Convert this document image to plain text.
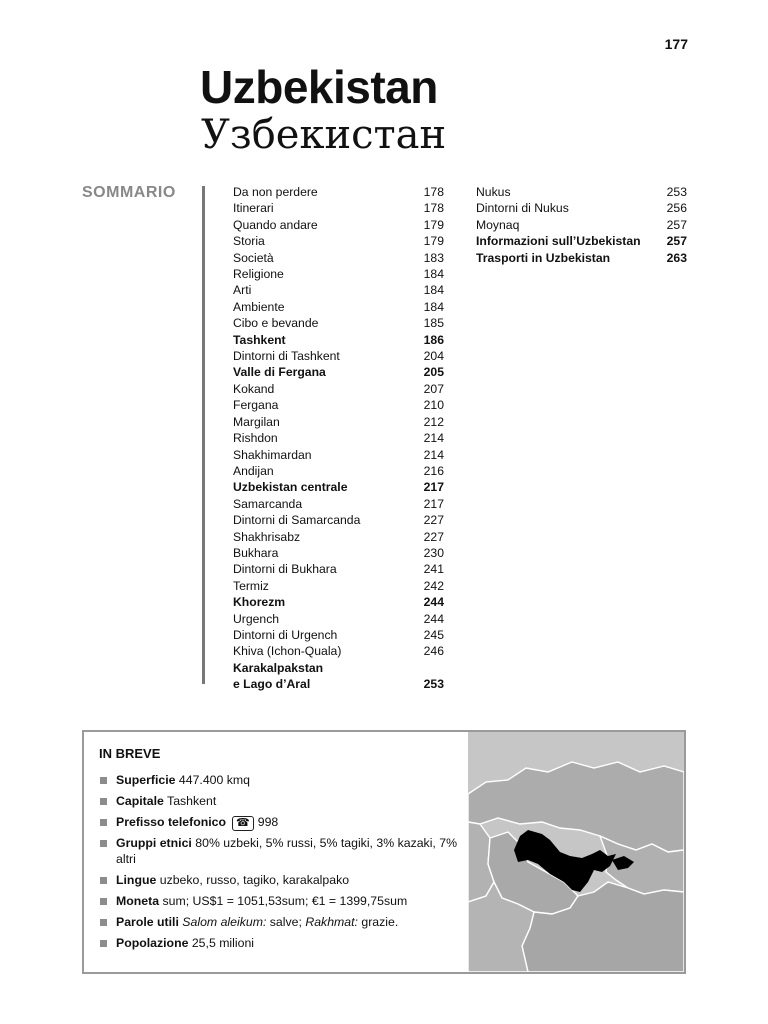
177
Uzbekistan
Узбекистан
SOMMARIO	Da non perdere	178
Itinerari	178
Quando andare	179
Storia	179
Società	183
Religione	184
Arti	184
Ambiente	184
Cibo e bevande	185
Tashkent	186
Dintorni di Tashkent	204
Valle di Fergana	205
Kokand	207
Fergana	210
Margilan	212
Rishdon	214
Shakhimardan	214
Andijan	216
Uzbekistan centrale	217
Samarcanda	217
Dintorni di Samarcanda	227
Shakhrisabz	227
Bukhara	230
Dintorni di Bukhara	241
Termiz	242
Khorezm	244
Urgench	244
Dintorni di Urgench	245
Khiva (Ichon-Quala)	246
Karakalpakstan
e Lago d’Aral	253
Nukus	253
Dintorni di Nukus	256
Moynaq	257
Informazioni sull’Uzbekistan	257
Trasporti in Uzbekistan	263
IN BREVE
Superficie 447.400 kmq
Capitale Tashkent
Prefisso telefonico ☎ 998
Gruppi etnici 80% uzbeki, 5% russi, 5% tagiki, 3% kazaki, 7% altri
Lingue uzbeko, russo, tagiko, karakalpako
Moneta sum; US$1 = 1051,53sum; €1 = 1399,75sum
Parole utili Salom aleikum: salve; Rakhmat: grazie.
Popolazione 25,5 milioni
